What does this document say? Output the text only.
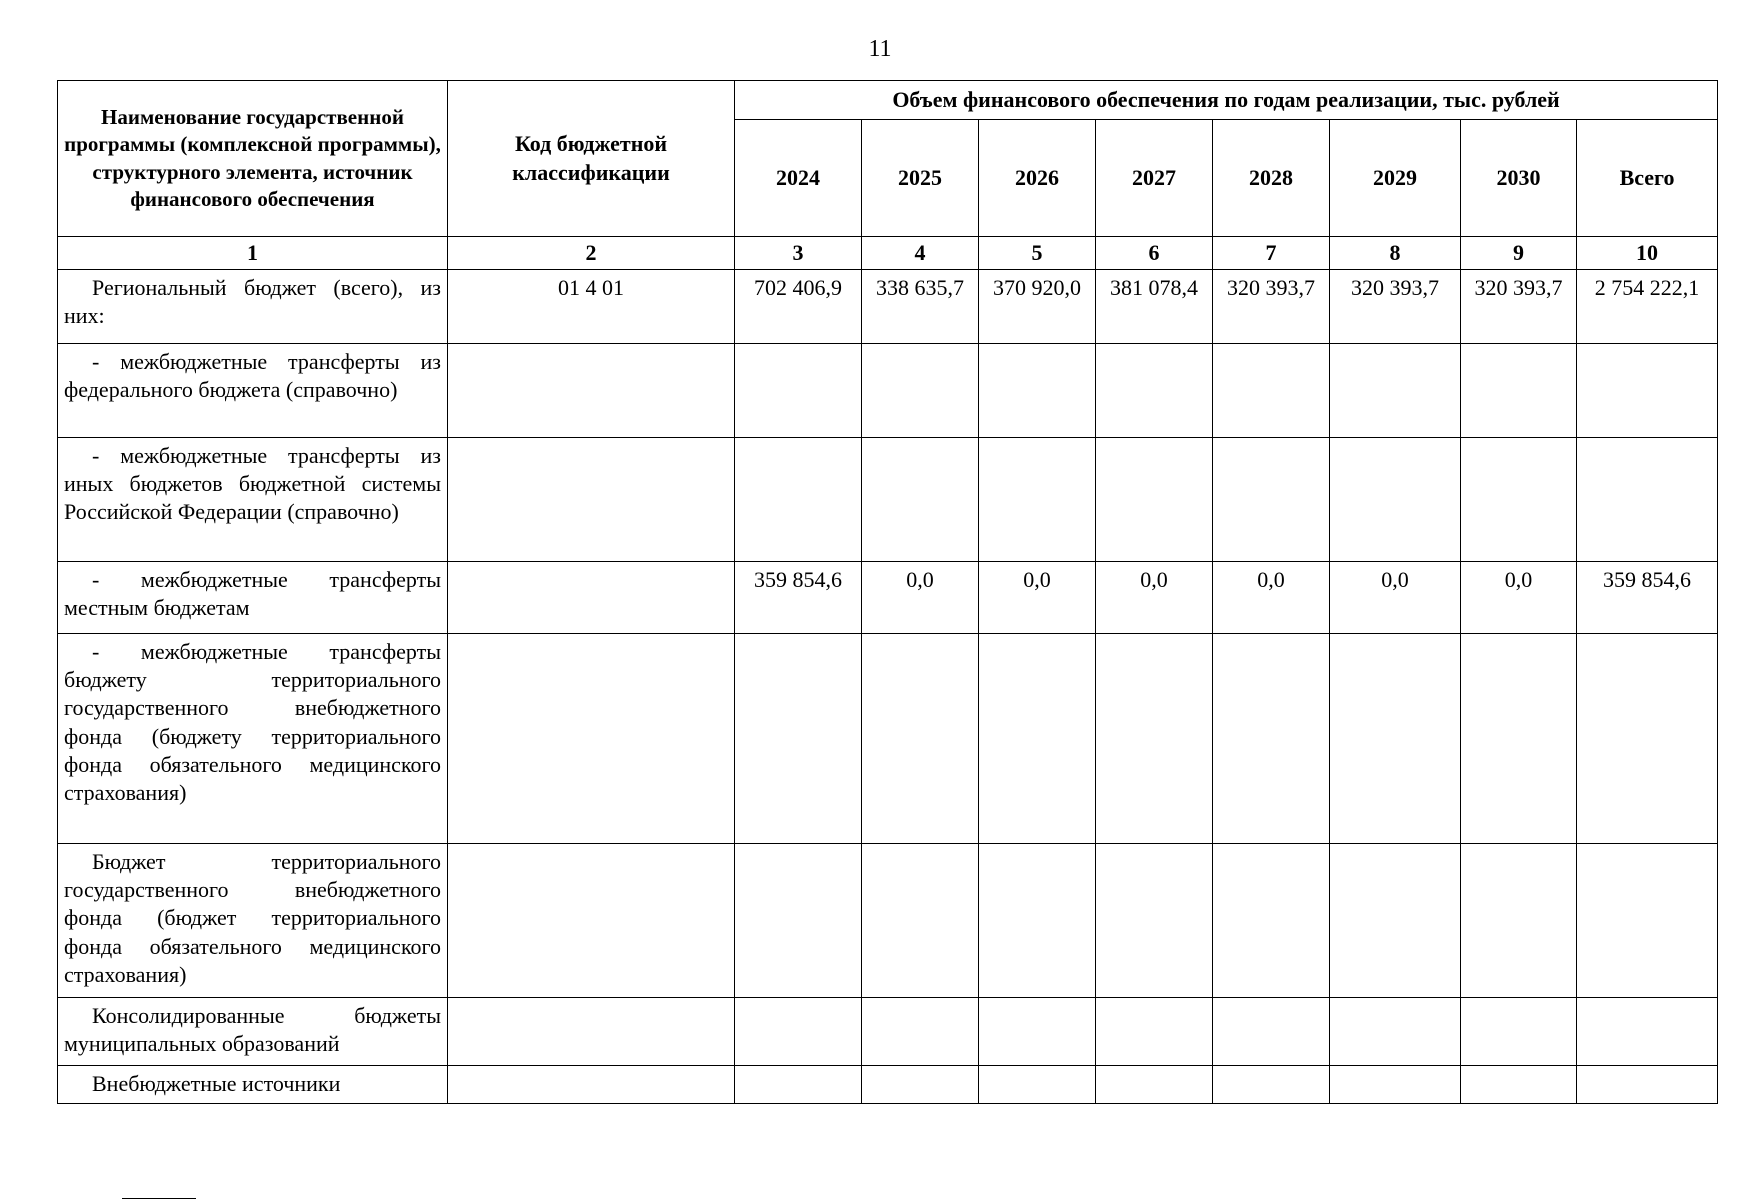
11
Наименование государственной программы (комплексной программы), структурного элемента, источник финансового обеспечения	Код бюджетной классификации	Объем финансового обеспечения по годам реализации, тыс. рублей							
		2024	2025	2026	2027	2028	2029	2030	Всего
1	2	3	4	5	6	7	8	9	10

Региональный бюджет (всего), из них:	01 4 01	702 406,9	338 635,7	370 920,0	381 078,4	320 393,7	320 393,7	320 393,7	2 754 222,1

- межбюджетные трансферты из федерального бюджета (справочно)									

- межбюджетные трансферты из иных бюджетов бюджетной системы Российской Федерации (справочно)									

- межбюджетные трансферты местным бюджетам		359 854,6	0,0	0,0	0,0	0,0	0,0	0,0	359 854,6

- межбюджетные трансферты бюджету территориального государственного внебюджетного фонда (бюджету территориального фонда обязательного медицинского страхования)									

Бюджет территориального государственного внебюджетного фонда (бюджет территориального фонда обязательного медицинского страхования)									

Консолидированные бюджеты муниципальных образований									

Внебюджетные источники									
